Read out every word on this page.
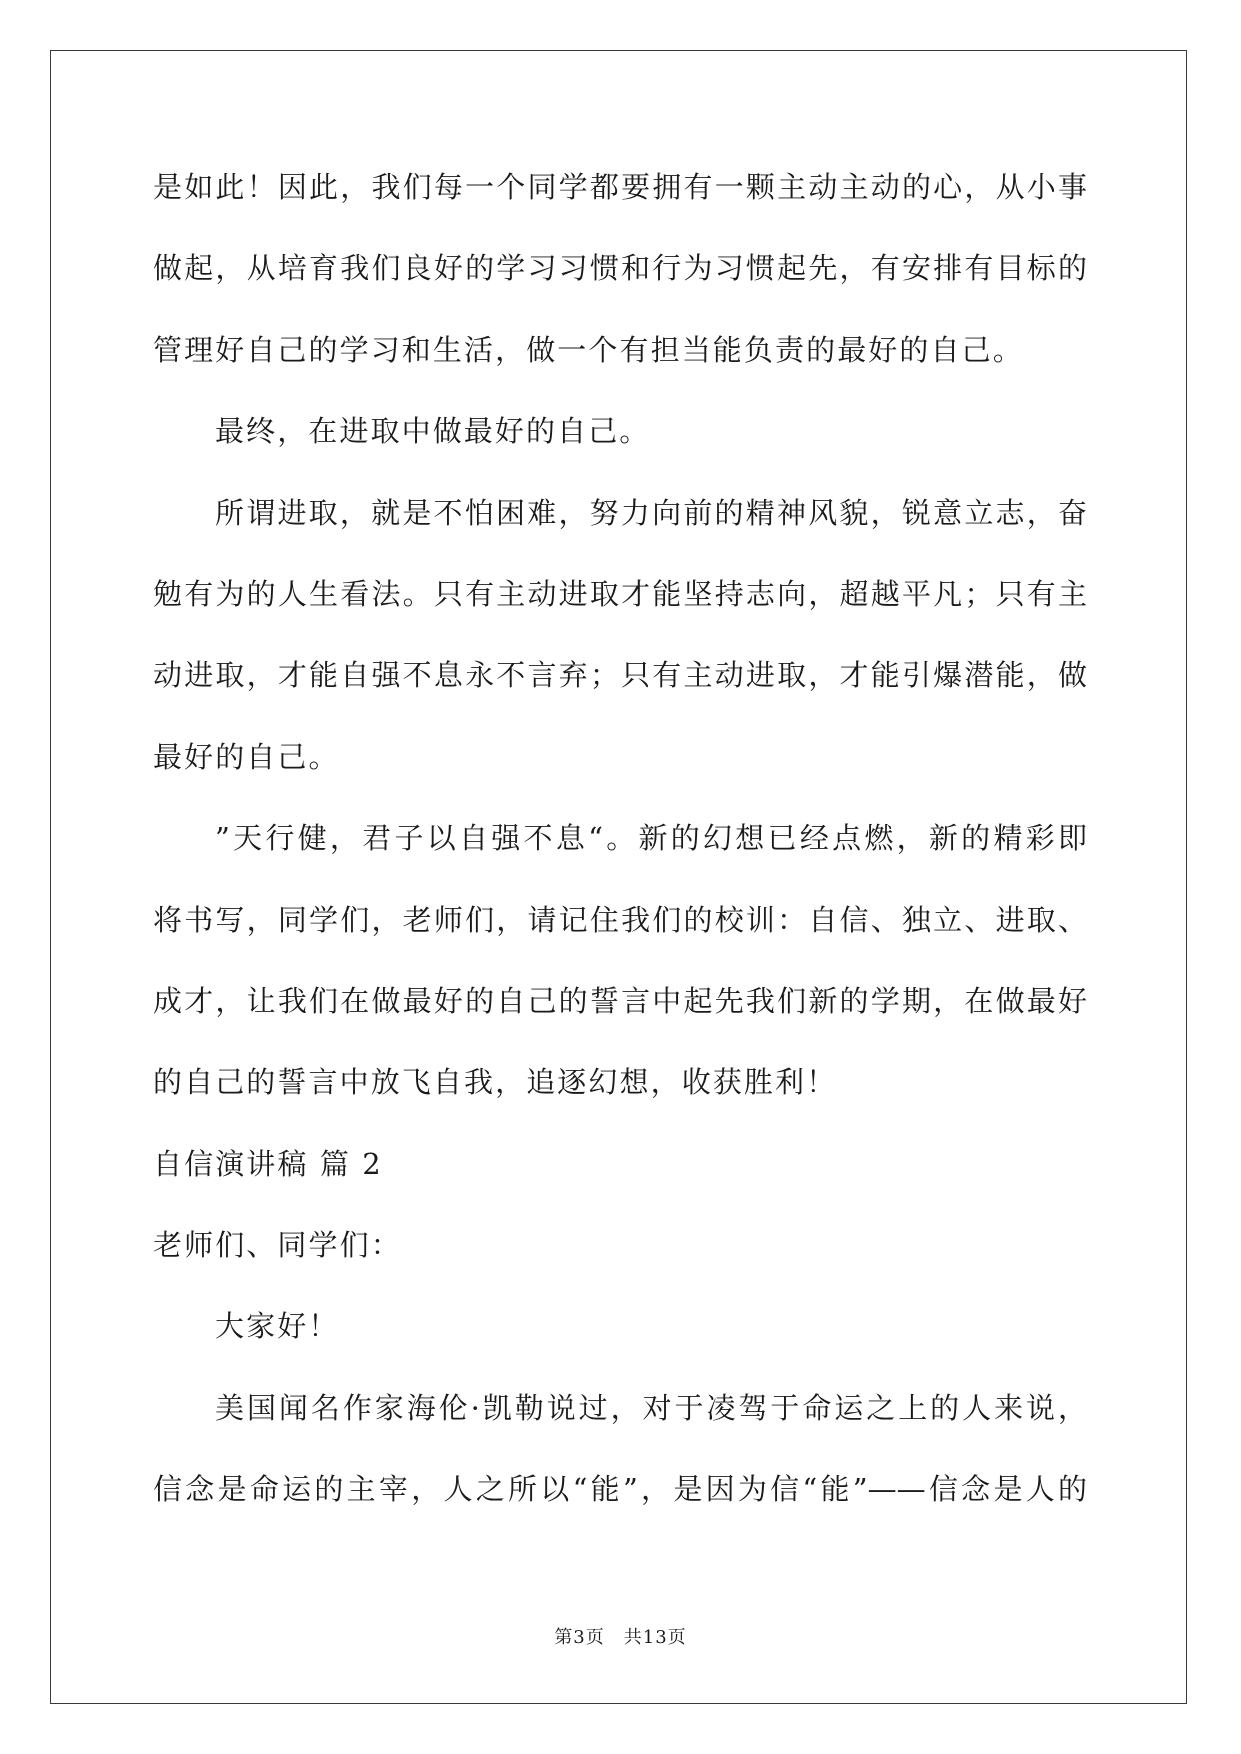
是如此！因此，我们每一个同学都要拥有一颗主动主动的心，从小事
做起，从培育我们良好的学习习惯和行为习惯起先，有安排有目标的
管理好自己的学习和生活，做一个有担当能负责的最好的自己。
最终，在进取中做最好的自己。
所谓进取，就是不怕困难，努力向前的精神风貌，锐意立志，奋
勉有为的人生看法。只有主动进取才能坚持志向，超越平凡；只有主
动进取，才能自强不息永不言弃；只有主动进取，才能引爆潜能，做
最好的自己。
”天行健，君子以自强不息“。新的幻想已经点燃，新的精彩即
将书写，同学们，老师们，请记住我们的校训：自信、独立、进取、
成才，让我们在做最好的自己的誓言中起先我们新的学期，在做最好
的自己的誓言中放飞自我，追逐幻想，收获胜利！
自信演讲稿 篇 2
老师们、同学们：
大家好！
美国闻名作家海伦·凯勒说过，对于凌驾于命运之上的人来说，
信念是命运的主宰，人之所以“能”，是因为信“能”——信念是人的
第3页　共13页
